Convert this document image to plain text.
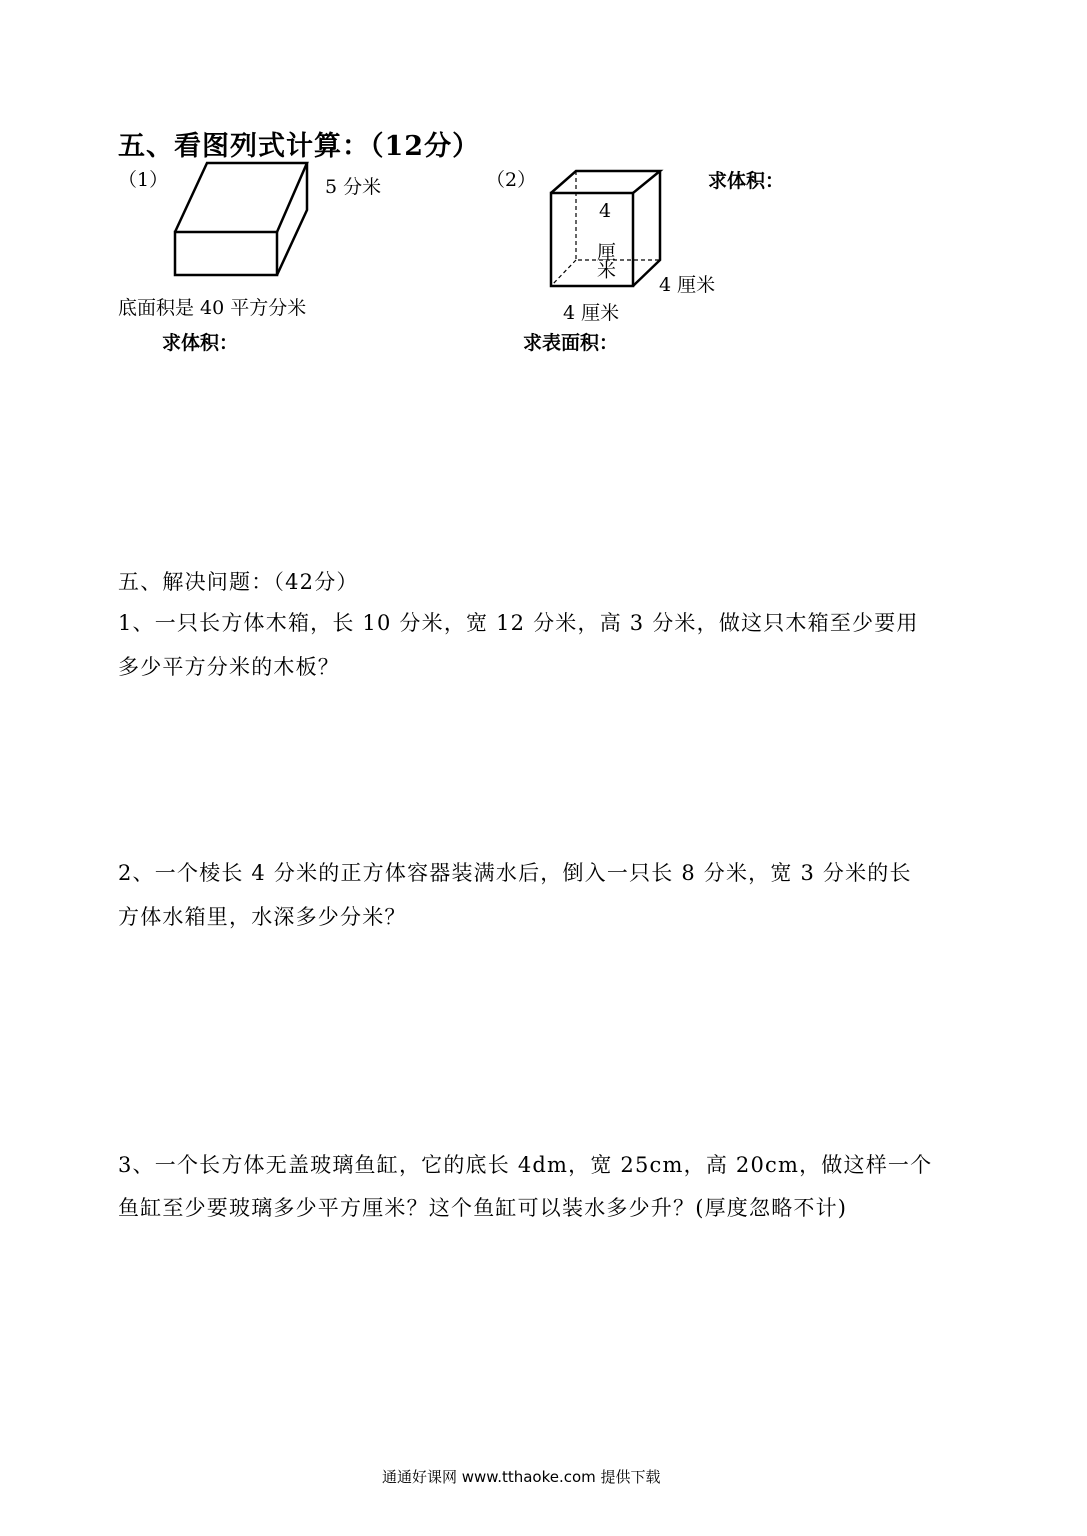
五、看图列式计算：（12分）
（1）	5 分米
底面积是 40 平方分米
求体积：
（2）
4 厘米
4 厘米
4 厘米
求体积：
求表面积：
五、解决问题：（42分）
1、一只长方体木箱，长 10 分米，宽 12 分米，高 3 分米，做这只木箱至少要用
多少平方分米的木板？
2、一个棱长 4 分米的正方体容器装满水后，倒入一只长 8 分米，宽 3 分米的长
方体水箱里，水深多少分米？
3、一个长方体无盖玻璃鱼缸，它的底长 4dm，宽 25cm，高 20cm，做这样一个
鱼缸至少要玻璃多少平方厘米？这个鱼缸可以装水多少升？(厚度忽略不计)
通通好课网 www.tthaoke.com 提供下载
